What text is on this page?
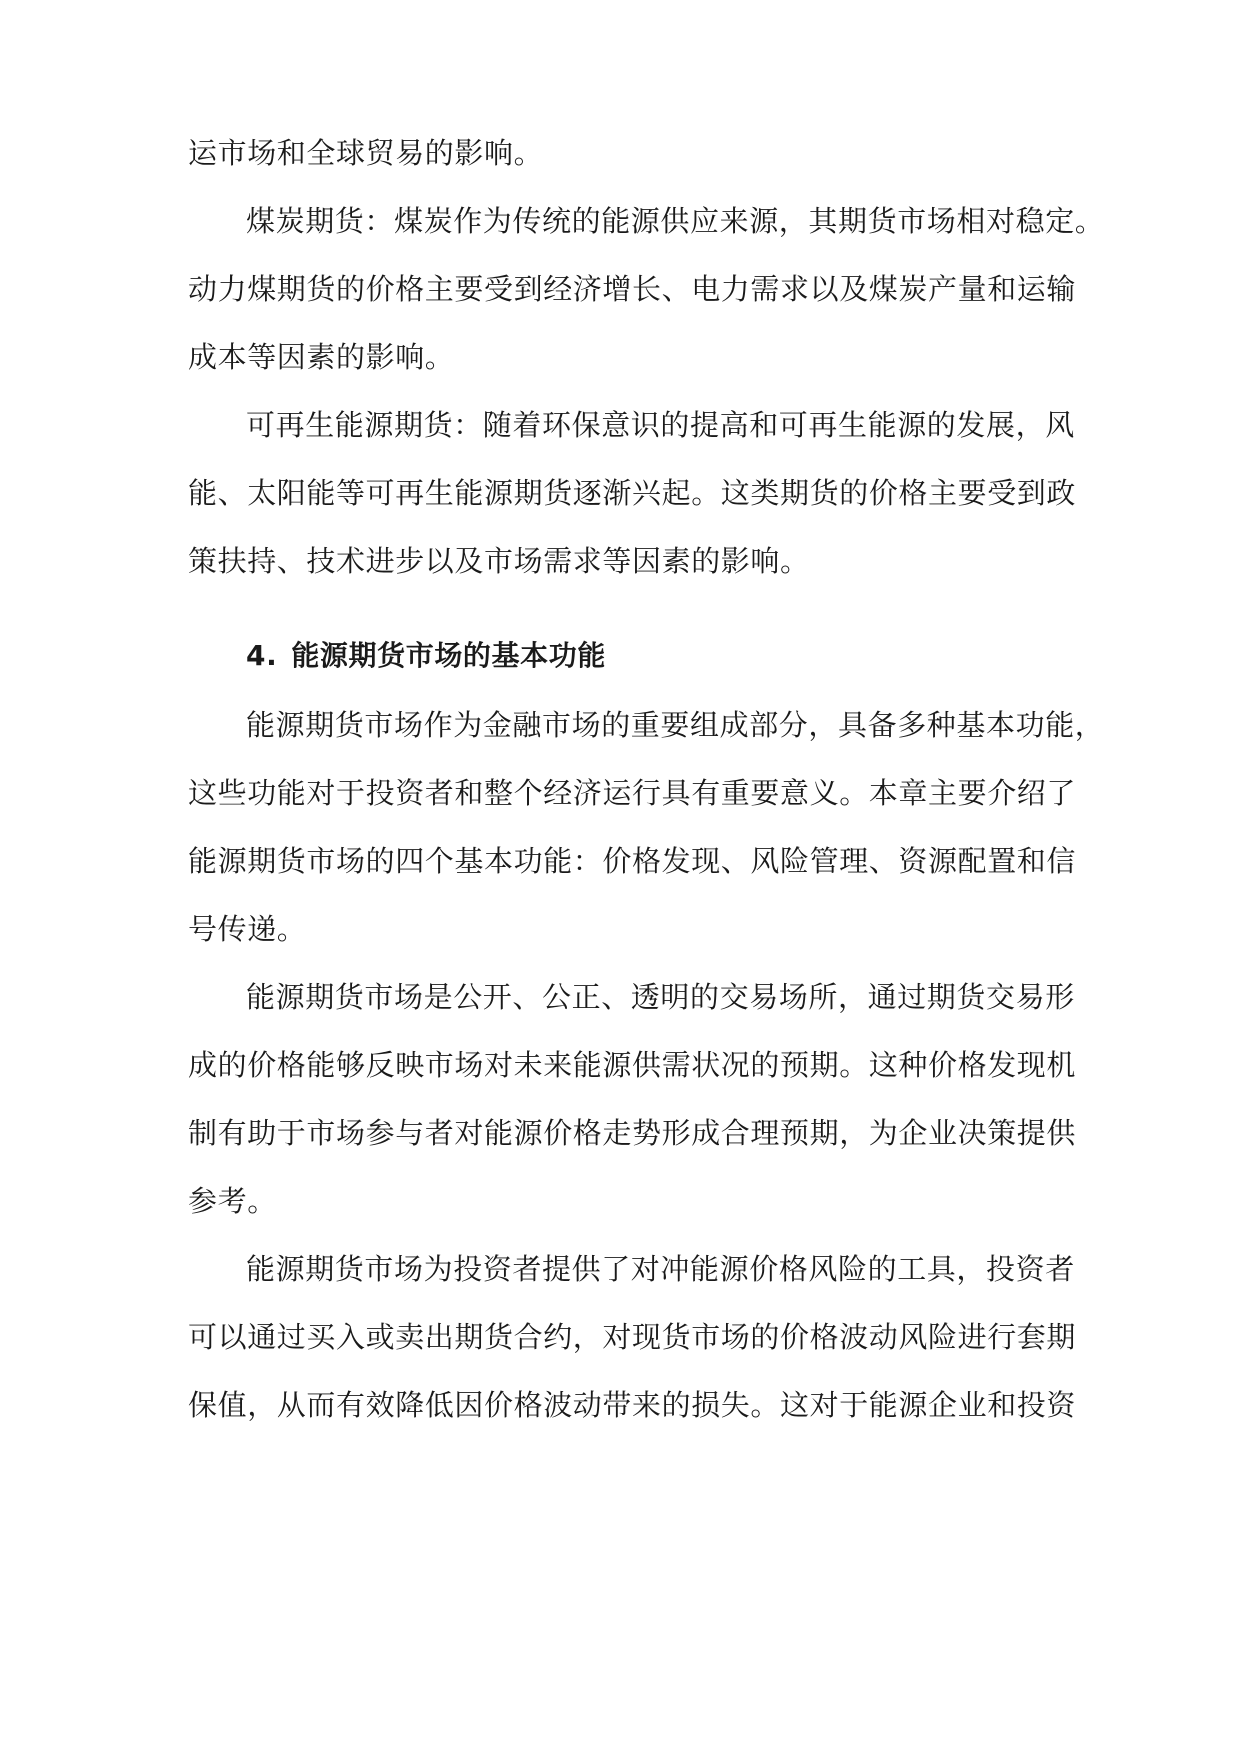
运市场和全球贸易的影响。

煤炭期货：煤炭作为传统的能源供应来源，其期货市场相对稳定。

动力煤期货的价格主要受到经济增长、电力需求以及煤炭产量和运输

成本等因素的影响。

可再生能源期货：随着环保意识的提高和可再生能源的发展，风

能、太阳能等可再生能源期货逐渐兴起。这类期货的价格主要受到政

策扶持、技术进步以及市场需求等因素的影响。

4. 能源期货市场的基本功能

能源期货市场作为金融市场的重要组成部分，具备多种基本功能，

这些功能对于投资者和整个经济运行具有重要意义。本章主要介绍了

能源期货市场的四个基本功能：价格发现、风险管理、资源配置和信

号传递。

能源期货市场是公开、公正、透明的交易场所，通过期货交易形

成的价格能够反映市场对未来能源供需状况的预期。这种价格发现机

制有助于市场参与者对能源价格走势形成合理预期，为企业决策提供

参考。

能源期货市场为投资者提供了对冲能源价格风险的工具，投资者

可以通过买入或卖出期货合约，对现货市场的价格波动风险进行套期

保值，从而有效降低因价格波动带来的损失。这对于能源企业和投资
